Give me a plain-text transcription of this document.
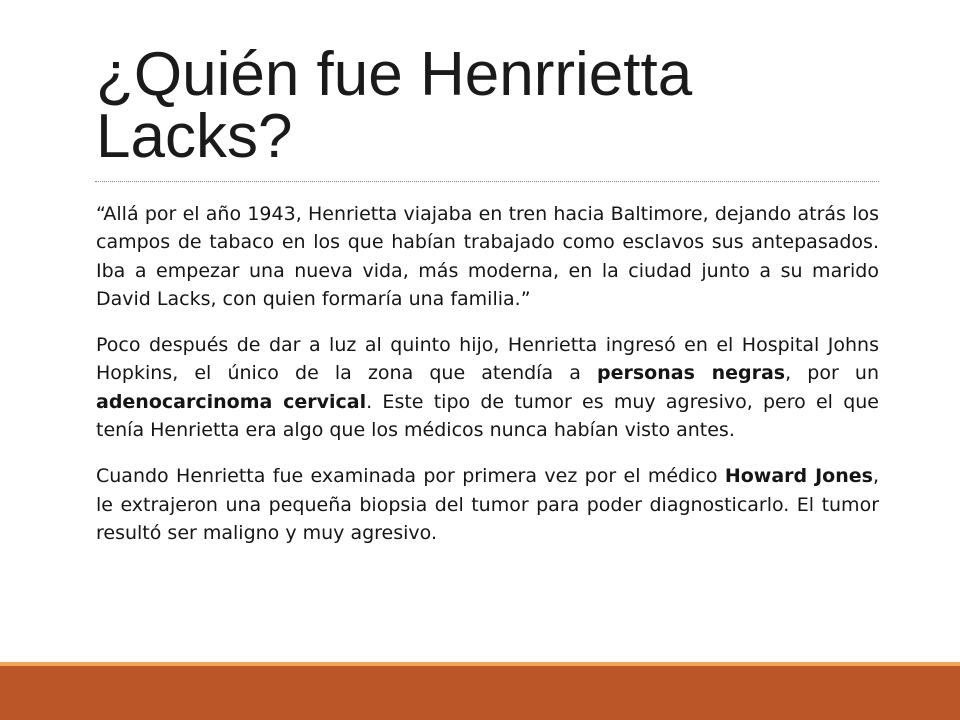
¿Quién fue Henrrietta
Lacks?

“Allá por el año 1943, Henrietta viajaba en tren hacia Baltimore, dejando atrás los campos de tabaco en los que habían trabajado como esclavos sus antepasados. Iba a empezar una nueva vida, más moderna, en la ciudad junto a su marido David Lacks, con quien formaría una familia.”

Poco después de dar a luz al quinto hijo, Henrietta ingresó en el Hospital Johns Hopkins, el único de la zona que atendía a personas negras, por un adenocarcinoma cervical. Este tipo de tumor es muy agresivo, pero el que tenía Henrietta era algo que los médicos nunca habían visto antes.

Cuando Henrietta fue examinada por primera vez por el médico Howard Jones, le extrajeron una pequeña biopsia del tumor para poder diagnosticarlo. El tumor resultó ser maligno y muy agresivo.
